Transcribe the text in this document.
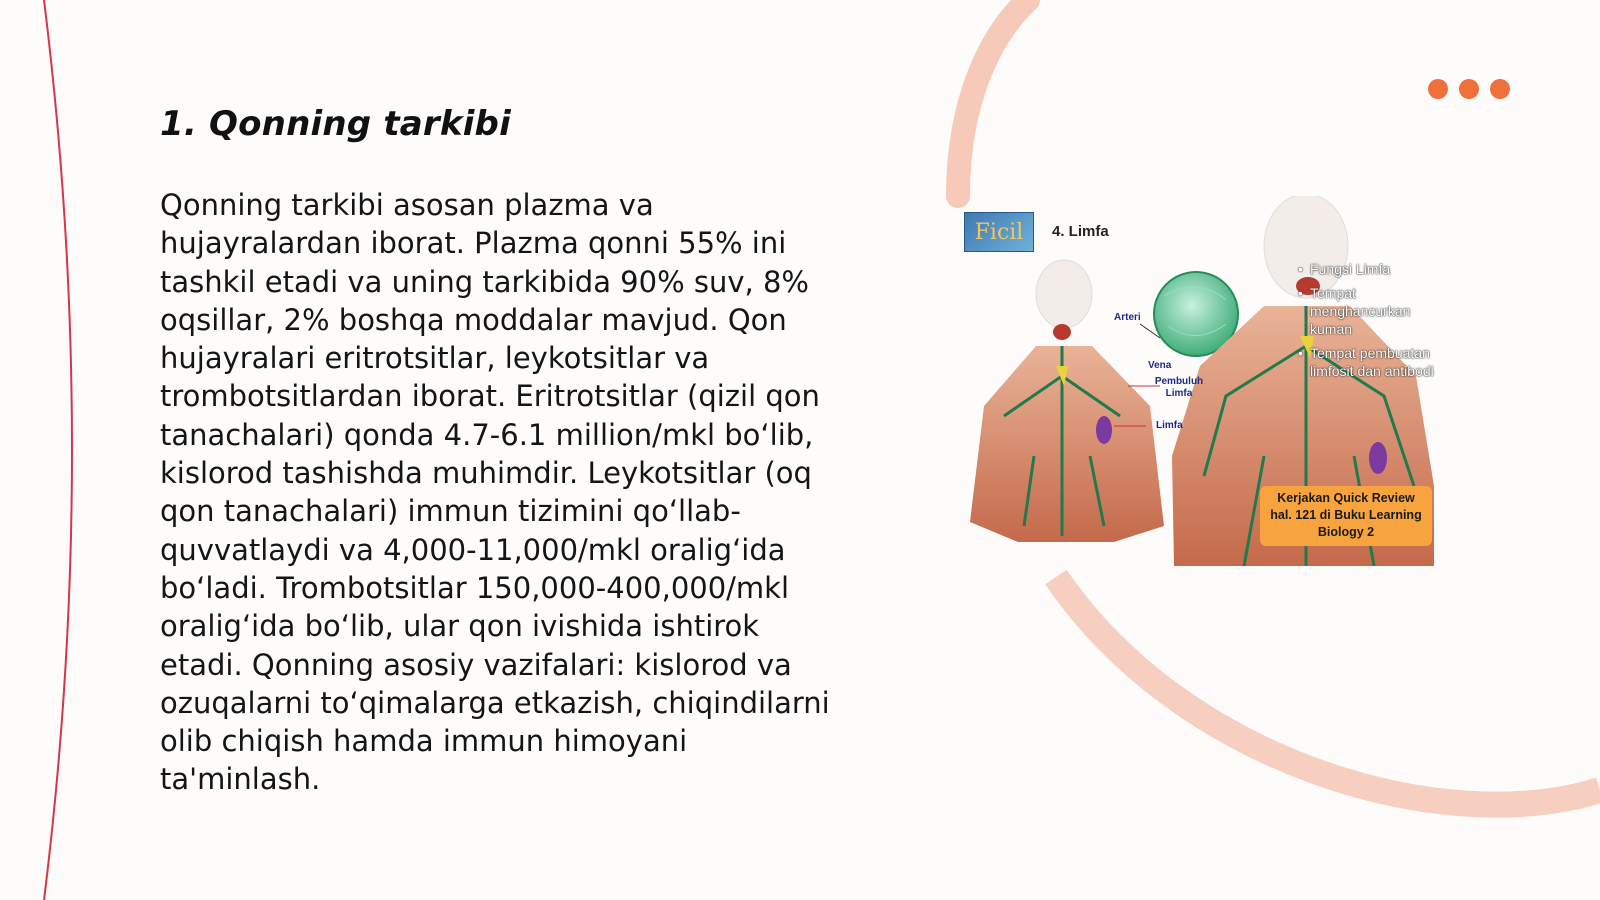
1. Qonning tarkibi

Qonning tarkibi asosan plazma va hujayralardan iborat. Plazma qonni 55% ini tashkil etadi va uning tarkibida 90% suv, 8% oqsillar, 2% boshqa moddalar mavjud. Qon hujayralari eritrotsitlar, leykotsitlar va trombotsitlardan iborat. Eritrotsitlar (qizil qon tanachalari) qonda 4.7-6.1 million/mkl bo‘lib, kislorod tashishda muhimdir. Leykotsitlar (oq qon tanachalari) immun tizimini qo‘llab-quvvatlaydi va 4,000-11,000/mkl oralig‘ida bo‘ladi. Trombotsitlar 150,000-400,000/mkl oralig‘ida bo‘lib, ular qon ivishida ishtirok etadi. Qonning asosiy vazifalari: kislorod va ozuqalarni to‘qimalarga etkazish, chiqindilarni olib chiqish hamda immun himoyani ta'minlash.

Ficil	4. Limfa
Arteri
Vena
Pembuluh Limfa
Limfa
• Fungsi Limfa
• Tempat menghancurkan kuman
• Tempat pembuatan limfosit dan antibodi
Kerjakan Quick Review hal. 121 di Buku Learning Biology 2
